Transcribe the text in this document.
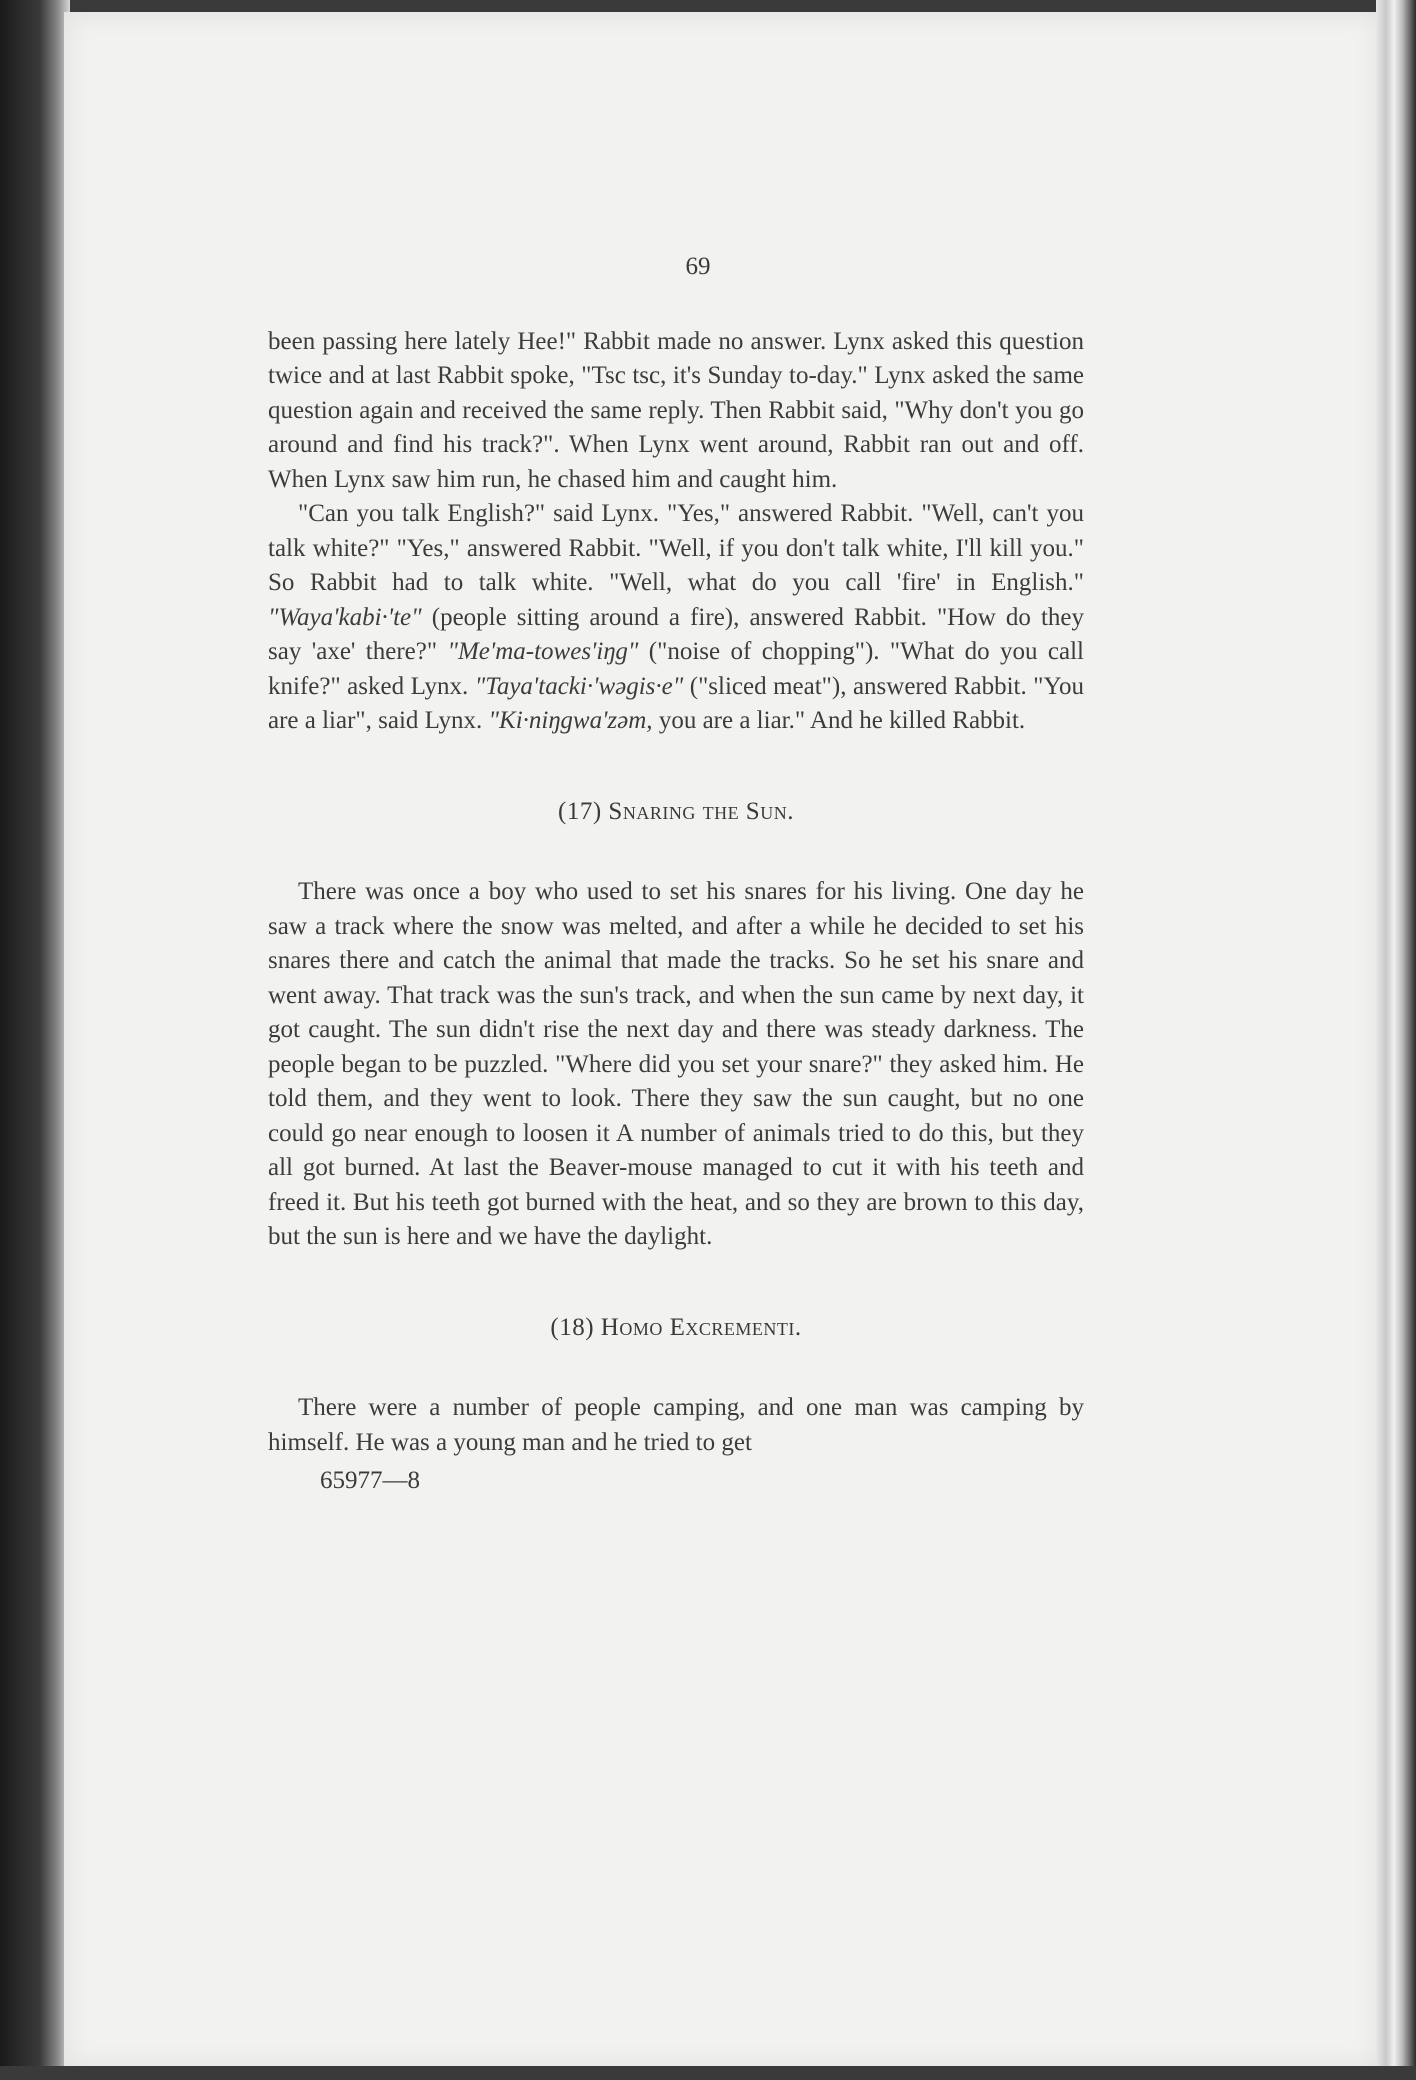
69

been passing here lately Hee!" Rabbit made no answer. Lynx asked this question twice and at last Rabbit spoke, "Tsc tsc, it's Sunday to-day." Lynx asked the same question again and received the same reply. Then Rabbit said, "Why don't you go around and find his track?". When Lynx went around, Rabbit ran out and off. When Lynx saw him run, he chased him and caught him.

"Can you talk English?" said Lynx. "Yes," answered Rabbit. "Well, can't you talk white?" "Yes," answered Rabbit. "Well, if you don't talk white, I'll kill you." So Rabbit had to talk white. "Well, what do you call 'fire' in English." "Waya'kabi·'te" (people sitting around a fire), answered Rabbit. "How do they say 'axe' there?" "Me'ma-towes'iŋg" ("noise of chopping"). "What do you call knife?" asked Lynx. "Taya'tacki·'wəgis·e" ("sliced meat"), answered Rabbit. "You are a liar", said Lynx. "Ki·niŋgwa'zəm, you are a liar." And he killed Rabbit.

(17) Snaring the Sun.

There was once a boy who used to set his snares for his living. One day he saw a track where the snow was melted, and after a while he decided to set his snares there and catch the animal that made the tracks. So he set his snare and went away. That track was the sun's track, and when the sun came by next day, it got caught. The sun didn't rise the next day and there was steady darkness. The people began to be puzzled. "Where did you set your snare?" they asked him. He told them, and they went to look. There they saw the sun caught, but no one could go near enough to loosen it A number of animals tried to do this, but they all got burned. At last the Beaver-mouse managed to cut it with his teeth and freed it. But his teeth got burned with the heat, and so they are brown to this day, but the sun is here and we have the daylight.

(18) Homo Excrementi.

There were a number of people camping, and one man was camping by himself. He was a young man and he tried to get

65977—8
